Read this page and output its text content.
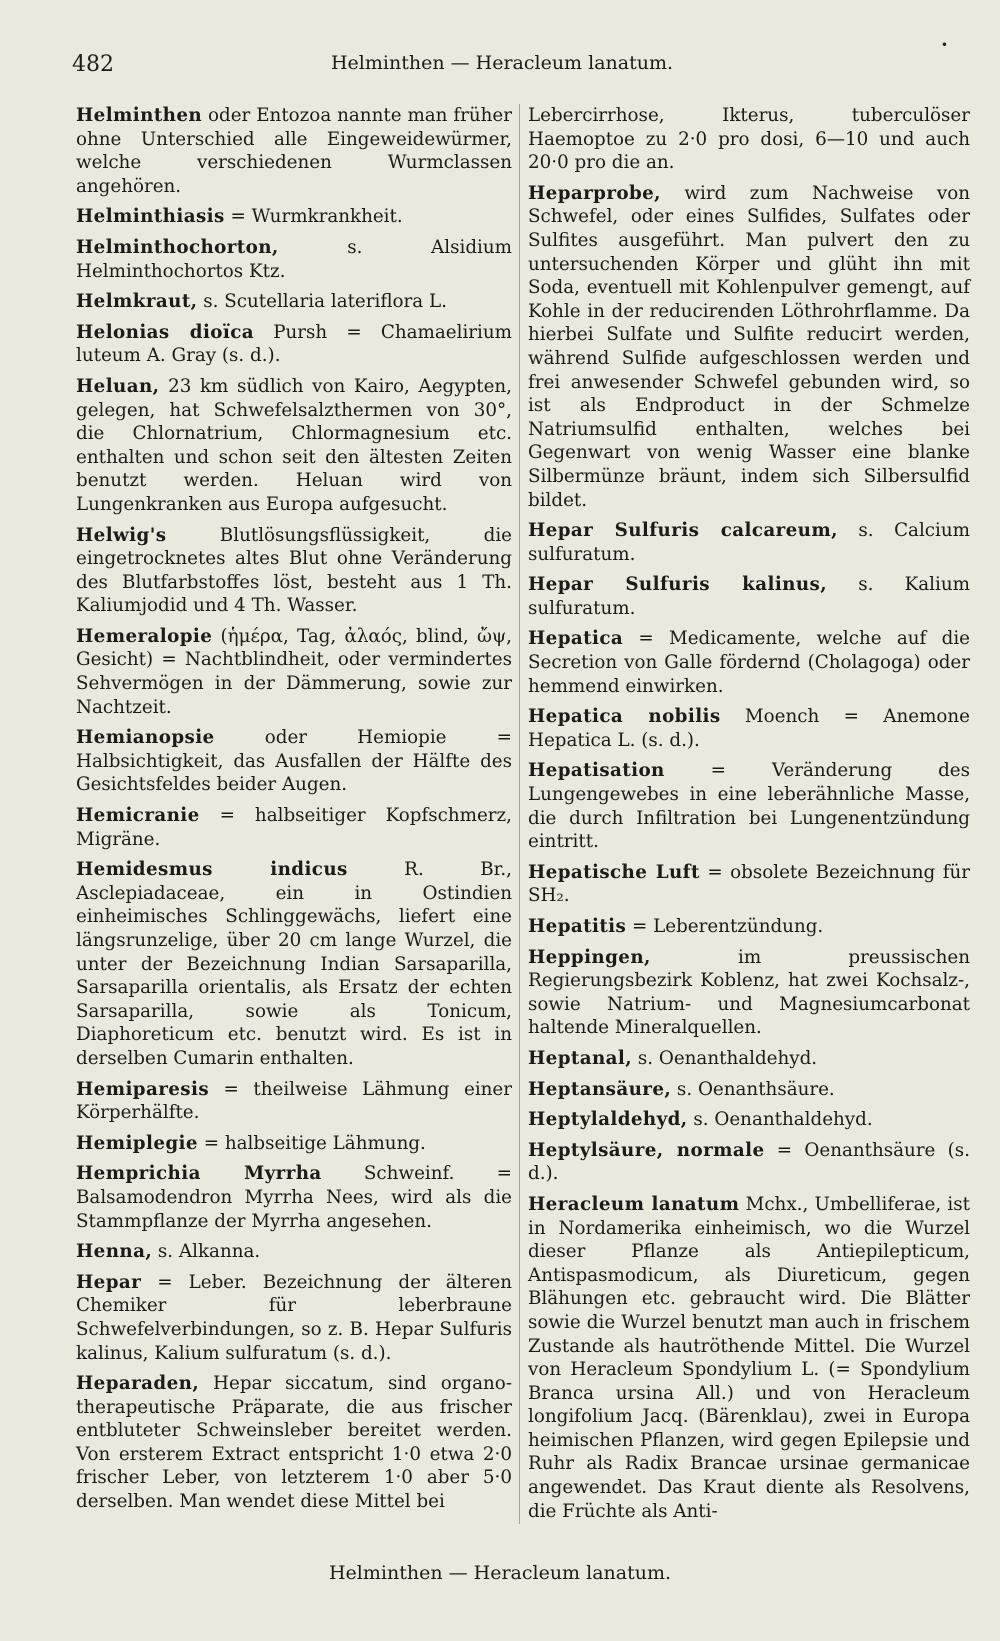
482	Helminthen — Heracleum lanatum.
•

Helminthen oder Entozoa nannte man früher ohne Unterschied alle Eingeweidewürmer, welche verschiedenen Wurmclassen angehören.

Helminthiasis = Wurmkrankheit.

Helminthochorton, s. Alsidium Helminthochortos Ktz.

Helmkraut, s. Scutellaria lateriflora L.

Helonias dioïca Pursh = Chamaelirium luteum A. Gray (s. d.).

Heluan, 23 km südlich von Kairo, Aegypten, gelegen, hat Schwefelsalzthermen von 30°, die Chlornatrium, Chlormagnesium etc. enthalten und schon seit den ältesten Zeiten benutzt werden. Heluan wird von Lungenkranken aus Europa aufgesucht.

Helwig's Blutlösungsflüssigkeit, die eingetrocknetes altes Blut ohne Veränderung des Blutfarbstoffes löst, besteht aus 1 Th. Kaliumjodid und 4 Th. Wasser.

Hemeralopie (ἡμέρα, Tag, ἀλαός, blind, ὤψ, Gesicht) = Nachtblindheit, oder vermindertes Sehvermögen in der Dämmerung, sowie zur Nachtzeit.

Hemianopsie oder Hemiopie = Halbsichtigkeit, das Ausfallen der Hälfte des Gesichtsfeldes beider Augen.

Hemicranie = halbseitiger Kopfschmerz, Migräne.

Hemidesmus indicus R. Br., Asclepiadaceae, ein in Ostindien einheimisches Schlinggewächs, liefert eine längsrunzelige, über 20 cm lange Wurzel, die unter der Bezeichnung Indian Sarsaparilla, Sarsaparilla orientalis, als Ersatz der echten Sarsaparilla, sowie als Tonicum, Diaphoreticum etc. benutzt wird. Es ist in derselben Cumarin enthalten.

Hemiparesis = theilweise Lähmung einer Körperhälfte.

Hemiplegie = halbseitige Lähmung.

Hemprichia Myrrha Schweinf. = Balsamodendron Myrrha Nees, wird als die Stammpflanze der Myrrha angesehen.

Henna, s. Alkanna.

Hepar = Leber. Bezeichnung der älteren Chemiker für leberbraune Schwefelverbindungen, so z. B. Hepar Sulfuris kalinus, Kalium sulfuratum (s. d.).

Heparaden, Hepar siccatum, sind organo-therapeutische Präparate, die aus frischer entbluteter Schweinsleber bereitet werden. Von ersterem Extract entspricht 1·0 etwa 2·0 frischer Leber, von letzterem 1·0 aber 5·0 derselben. Man wendet diese Mittel bei

Lebercirrhose, Ikterus, tuberculöser Haemoptoe zu 2·0 pro dosi, 6—10 und auch 20·0 pro die an.

Heparprobe, wird zum Nachweise von Schwefel, oder eines Sulfides, Sulfates oder Sulfites ausgeführt. Man pulvert den zu untersuchenden Körper und glüht ihn mit Soda, eventuell mit Kohlenpulver gemengt, auf Kohle in der reducirenden Löthrohrflamme. Da hierbei Sulfate und Sulfite reducirt werden, während Sulfide aufgeschlossen werden und frei anwesender Schwefel gebunden wird, so ist als Endproduct in der Schmelze Natriumsulfid enthalten, welches bei Gegenwart von wenig Wasser eine blanke Silbermünze bräunt, indem sich Silbersulfid bildet.

Hepar Sulfuris calcareum, s. Calcium sulfuratum.

Hepar Sulfuris kalinus, s. Kalium sulfuratum.

Hepatica = Medicamente, welche auf die Secretion von Galle fördernd (Cholagoga) oder hemmend einwirken.

Hepatica nobilis Moench = Anemone Hepatica L. (s. d.).

Hepatisation = Veränderung des Lungengewebes in eine leberähnliche Masse, die durch Infiltration bei Lungenentzündung eintritt.

Hepatische Luft = obsolete Bezeichnung für SH₂.

Hepatitis = Leberentzündung.

Heppingen, im preussischen Regierungsbezirk Koblenz, hat zwei Kochsalz-, sowie Natrium- und Magnesiumcarbonat haltende Mineralquellen.

Heptanal, s. Oenanthaldehyd.

Heptansäure, s. Oenanthsäure.

Heptylaldehyd, s. Oenanthaldehyd.

Heptylsäure, normale = Oenanthsäure (s. d.).

Heracleum lanatum Mchx., Umbelliferae, ist in Nordamerika einheimisch, wo die Wurzel dieser Pflanze als Antiepilepticum, Antispasmodicum, als Diureticum, gegen Blähungen etc. gebraucht wird. Die Blätter sowie die Wurzel benutzt man auch in frischem Zustande als hautröthende Mittel. Die Wurzel von Heracleum Spondylium L. (= Spondylium Branca ursina All.) und von Heracleum longifolium Jacq. (Bärenklau), zwei in Europa heimischen Pflanzen, wird gegen Epilepsie und Ruhr als Radix Brancae ursinae germanicae angewendet. Das Kraut diente als Resolvens, die Früchte als Anti-

Helminthen — Heracleum lanatum.
